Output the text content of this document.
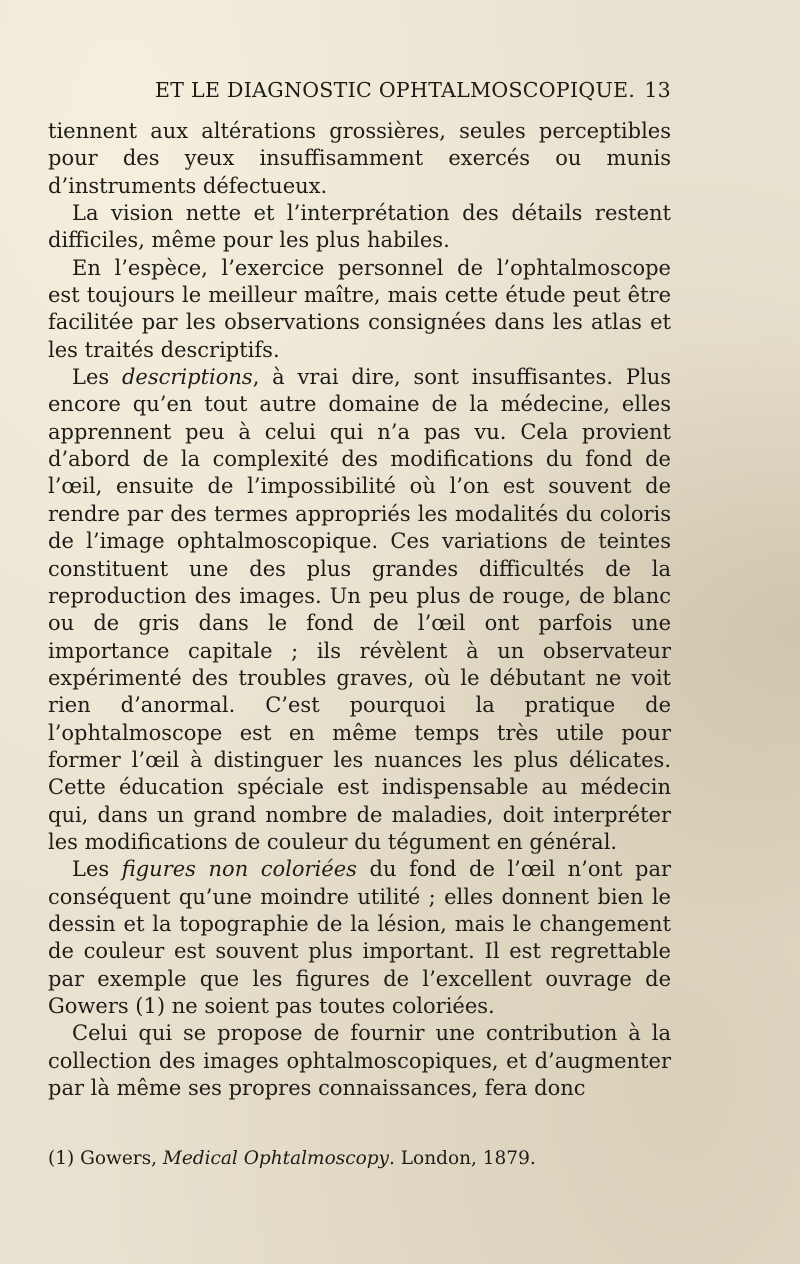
ET LE DIAGNOSTIC OPHTALMOSCOPIQUE. 13

tiennent aux altérations grossières, seules perceptibles pour des yeux insuffisamment exercés ou munis d’instruments défectueux.

La vision nette et l’interprétation des détails restent difficiles, même pour les plus habiles.

En l’espèce, l’exercice personnel de l’ophtalmoscope est toujours le meilleur maître, mais cette étude peut être facilitée par les observations consignées dans les atlas et les traités descriptifs.

Les descriptions, à vrai dire, sont insuffisantes. Plus encore qu’en tout autre domaine de la médecine, elles apprennent peu à celui qui n’a pas vu. Cela provient d’abord de la complexité des modifications du fond de l’œil, ensuite de l’impossibilité où l’on est souvent de rendre par des termes appropriés les modalités du coloris de l’image ophtalmoscopique. Ces variations de teintes constituent une des plus grandes difficultés de la reproduction des images. Un peu plus de rouge, de blanc ou de gris dans le fond de l’œil ont parfois une importance capitale ; ils révèlent à un observateur expérimenté des troubles graves, où le débutant ne voit rien d’anormal. C’est pourquoi la pratique de l’ophtalmoscope est en même temps très utile pour former l’œil à distinguer les nuances les plus délicates. Cette éducation spéciale est indispensable au médecin qui, dans un grand nombre de maladies, doit interpréter les modifications de couleur du tégument en général.

Les figures non coloriées du fond de l’œil n’ont par conséquent qu’une moindre utilité ; elles donnent bien le dessin et la topographie de la lésion, mais le changement de couleur est souvent plus important. Il est regrettable par exemple que les figures de l’excellent ouvrage de Gowers (1) ne soient pas toutes coloriées.

Celui qui se propose de fournir une contribution à la collection des images ophtalmoscopiques, et d’augmenter par là même ses propres connaissances, fera donc

(1) Gowers, Medical Ophtalmoscopy. London, 1879.
